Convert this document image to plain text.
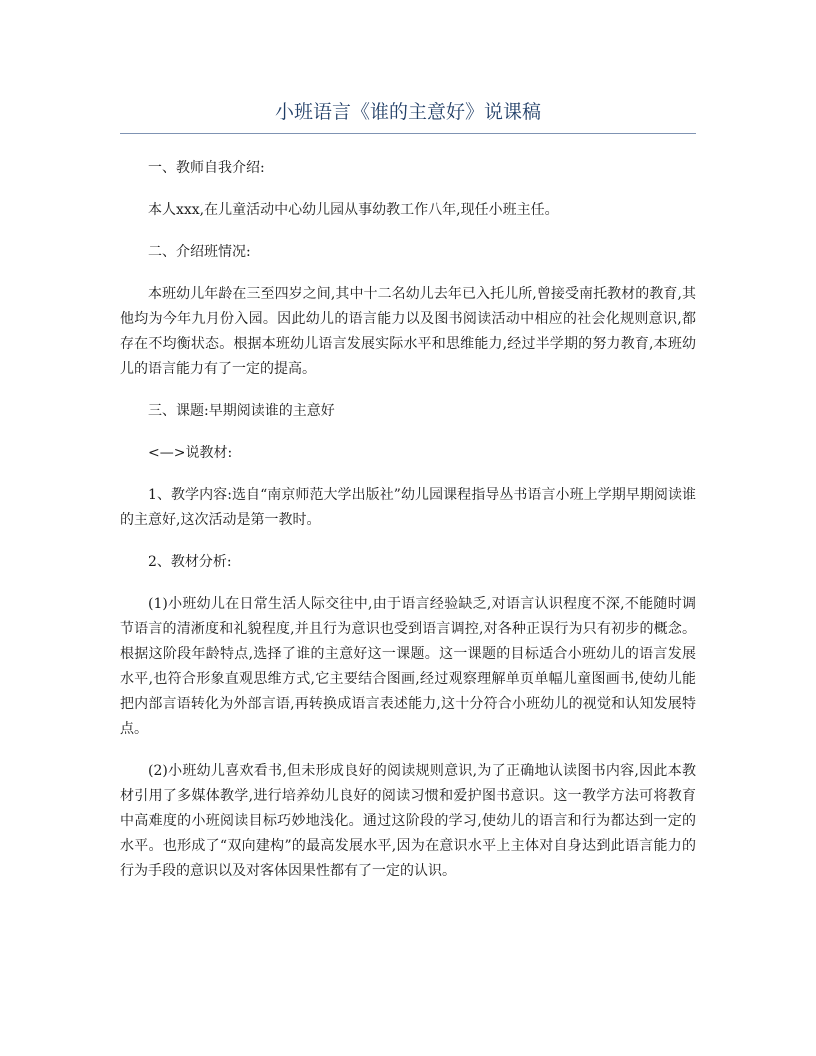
小班语言《谁的主意好》说课稿

一、教师自我介绍:

本人xxx,在儿童活动中心幼儿园从事幼教工作八年,现任小班主任。

二、介绍班情况:

本班幼儿年龄在三至四岁之间,其中十二名幼儿去年已入托儿所,曾接受南托教材的教育,其他均为今年九月份入园。因此幼儿的语言能力以及图书阅读活动中相应的社会化规则意识,都存在不均衡状态。根据本班幼儿语言发展实际水平和思维能力,经过半学期的努力教育,本班幼儿的语言能力有了一定的提高。

三、课题:早期阅读谁的主意好

<—>说教材:

1、教学内容:选自“南京师范大学出版社”幼儿园课程指导丛书语言小班上学期早期阅读谁的主意好,这次活动是第一教时。

2、教材分析:

(1)小班幼儿在日常生活人际交往中,由于语言经验缺乏,对语言认识程度不深,不能随时调节语言的清淅度和礼貌程度,并且行为意识也受到语言调控,对各种正误行为只有初步的概念。根据这阶段年龄特点,选择了谁的主意好这一课题。这一课题的目标适合小班幼儿的语言发展水平,也符合形象直观思维方式,它主要结合图画,经过观察理解单页单幅儿童图画书,使幼儿能把内部言语转化为外部言语,再转换成语言表述能力,这十分符合小班幼儿的视觉和认知发展特点。

(2)小班幼儿喜欢看书,但未形成良好的阅读规则意识,为了正确地认读图书内容,因此本教材引用了多媒体教学,进行培养幼儿良好的阅读习惯和爱护图书意识。这一教学方法可将教育中高难度的小班阅读目标巧妙地浅化。通过这阶段的学习,使幼儿的语言和行为都达到一定的水平。也形成了“双向建构”的最高发展水平,因为在意识水平上主体对自身达到此语言能力的行为手段的意识以及对客体因果性都有了一定的认识。
